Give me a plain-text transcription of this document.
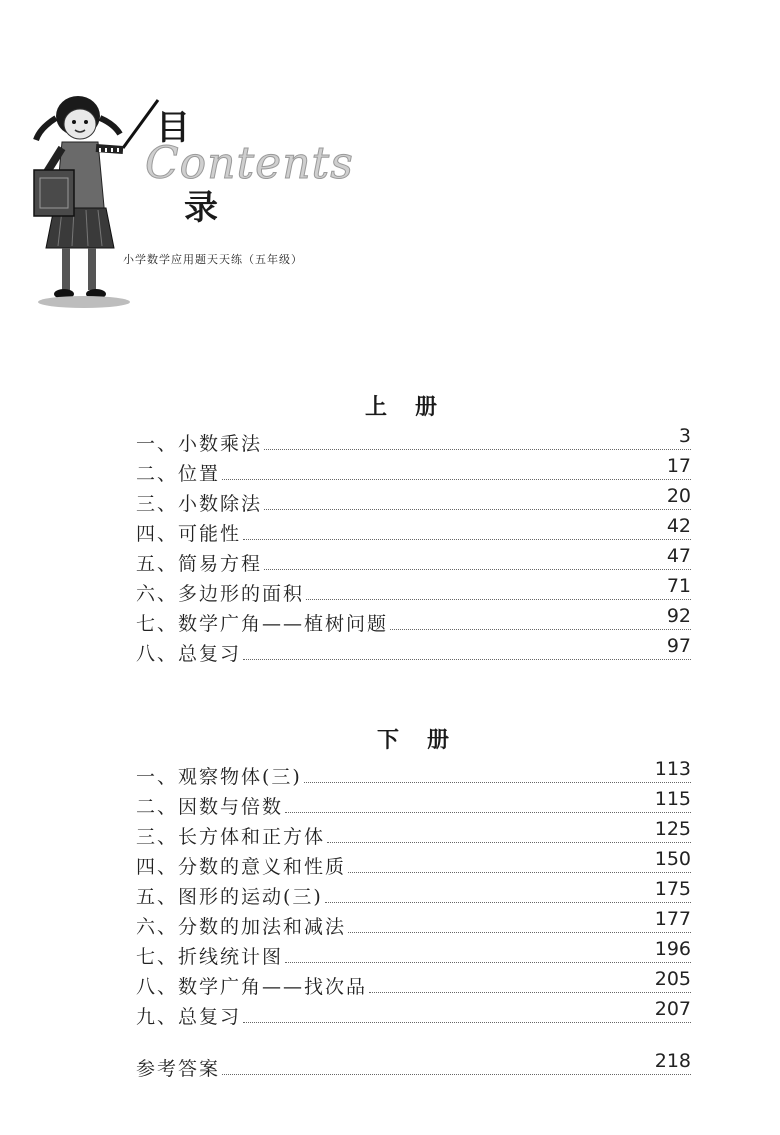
Contents
目
录
小学数学应用题天天练（五年级）
上册
一、小数乘法	3
二、位置	17
三、小数除法	20
四、可能性	42
五、简易方程	47
六、多边形的面积	71
七、数学广角——植树问题	92
八、总复习	97
下册
一、观察物体(三)	113
二、因数与倍数	115
三、长方体和正方体	125
四、分数的意义和性质	150
五、图形的运动(三)	175
六、分数的加法和减法	177
七、折线统计图	196
八、数学广角——找次品	205
九、总复习	207
参考答案	218
